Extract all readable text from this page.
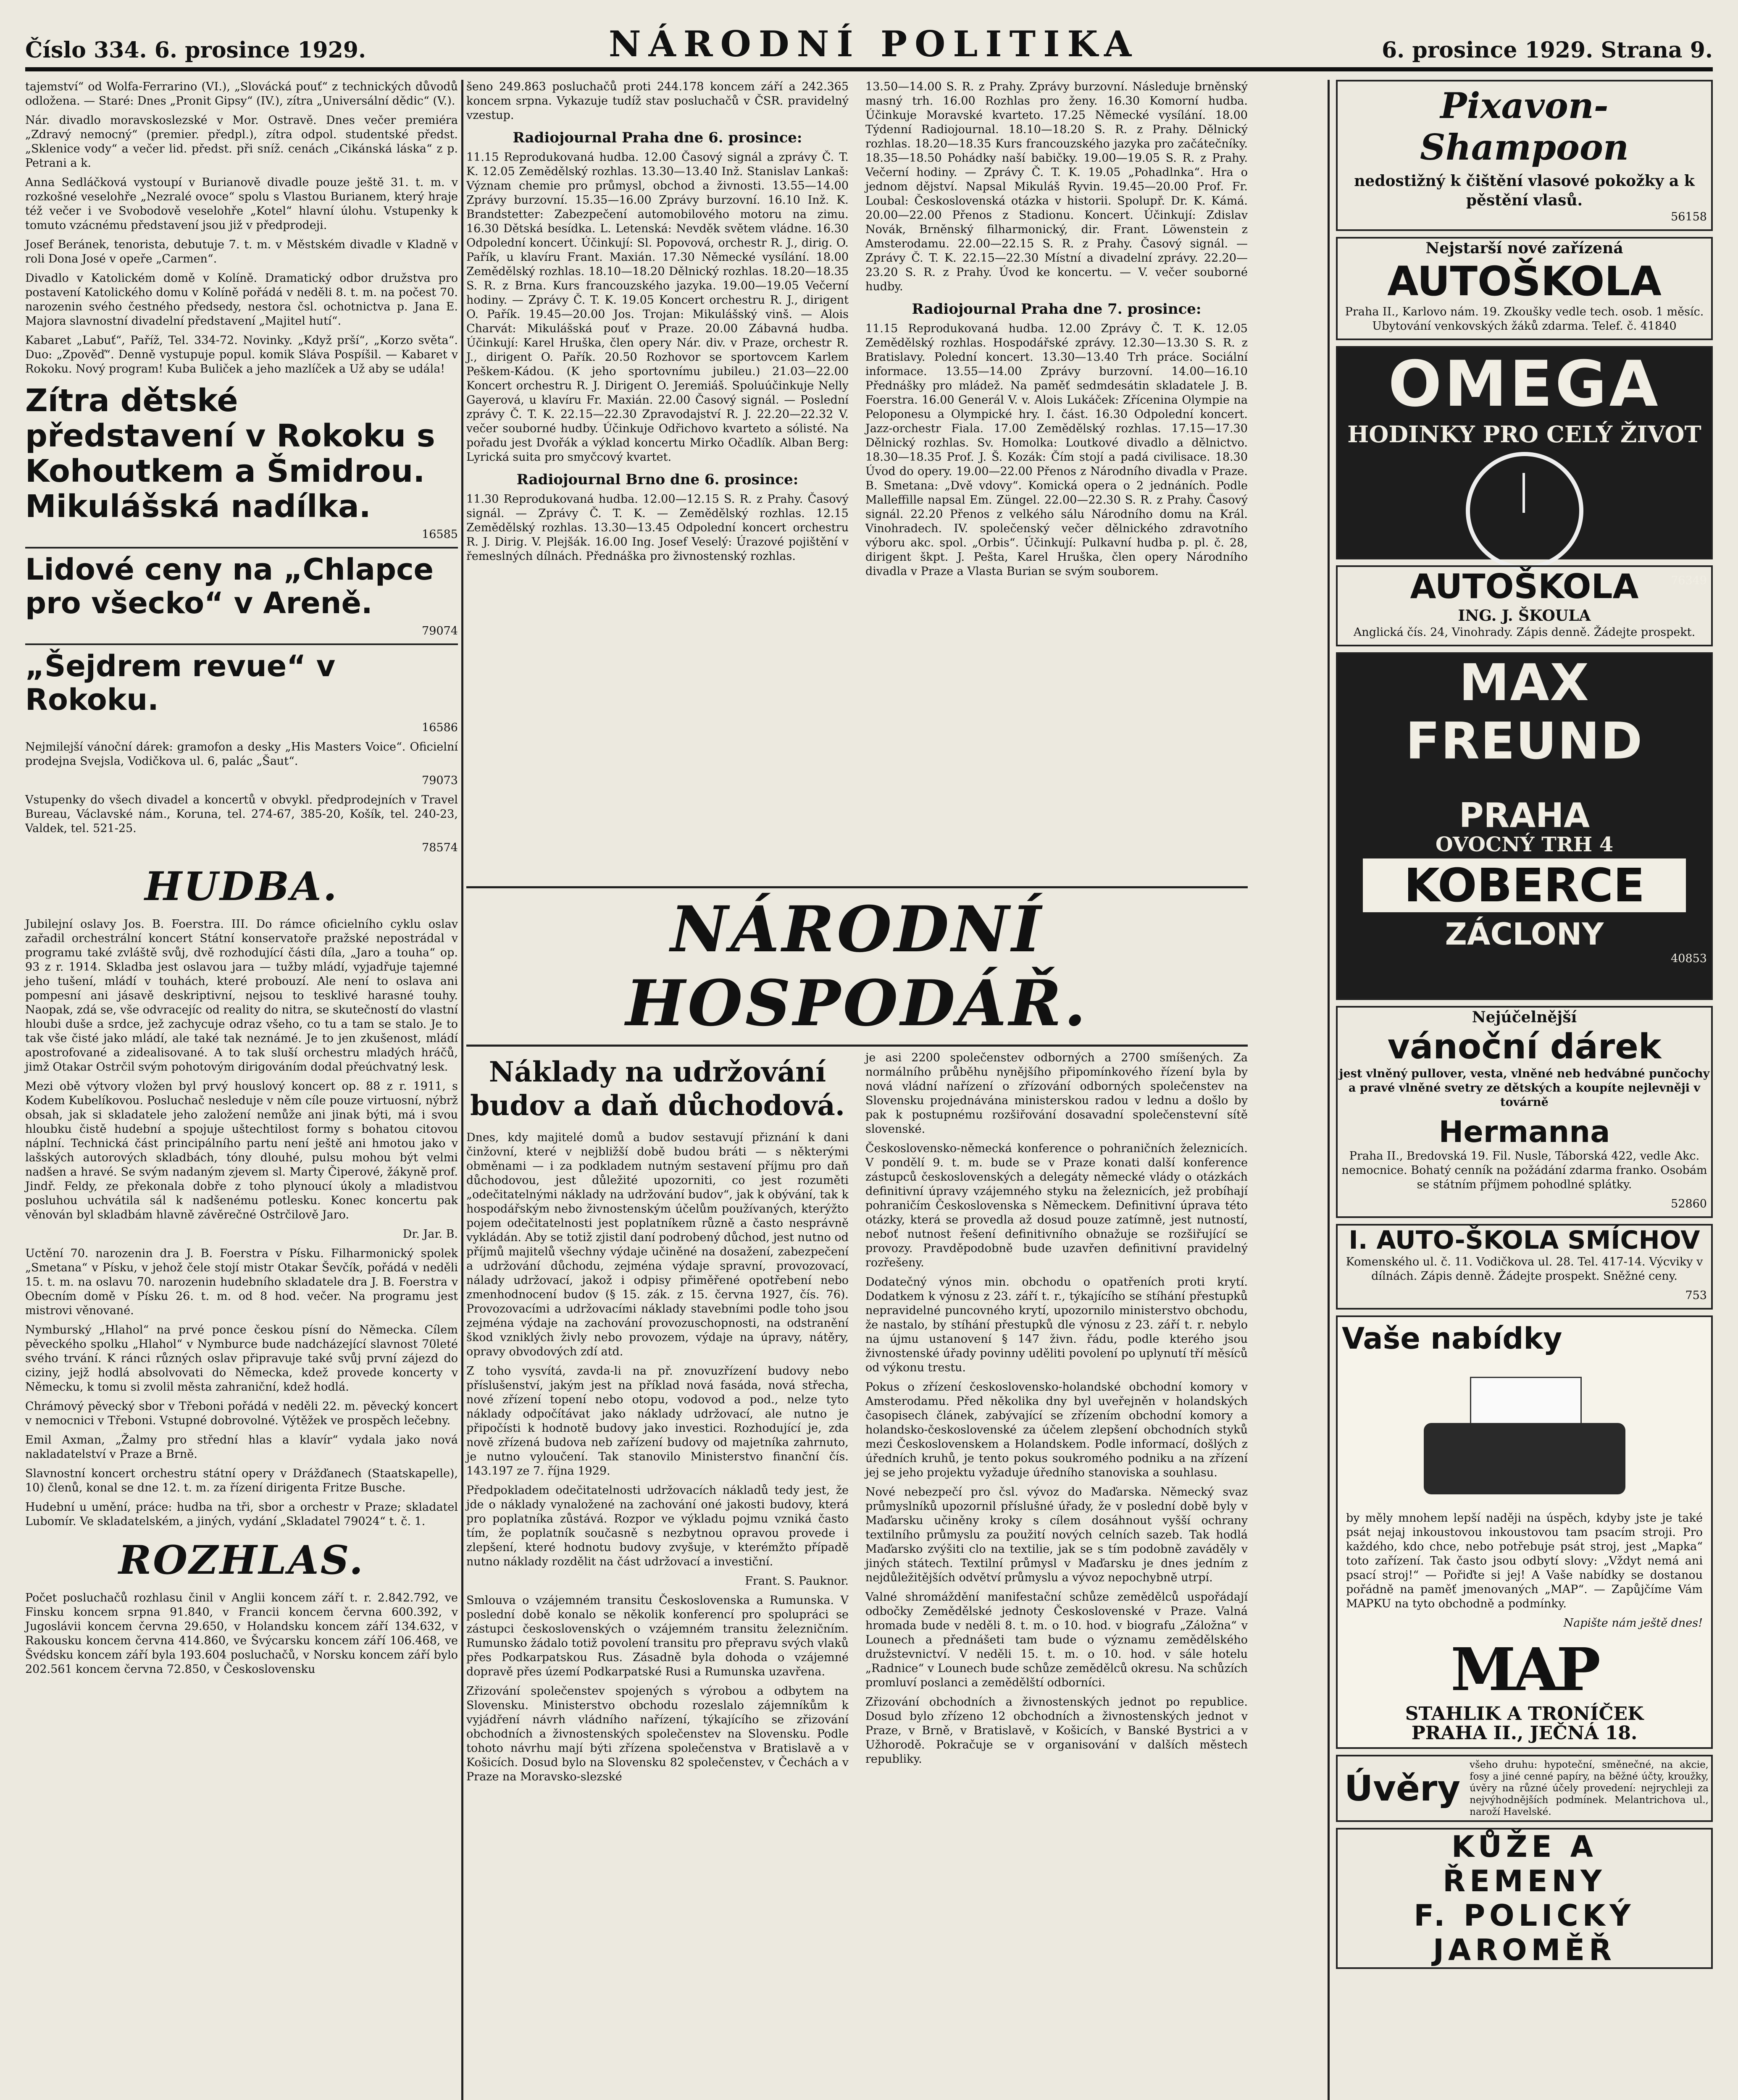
Číslo 334. 6. prosince 1929.	NÁRODNÍ POLITIKA	6. prosince 1929. Strana 9.

tajemství“ od Wolfa-Ferrarino (VI.), „Slovácká pouť“ z technických důvodů odložena. — Staré: Dnes „Pronit Gipsy“ (IV.), zítra „Universální dědic“ (V.).

Nár. divadlo moravskoslezské v Mor. Ostravě. Dnes večer premiéra „Zdravý nemocný“ (premier. předpl.), zítra odpol. studentské předst. „Sklenice vody“ a večer lid. předst. při sníž. cenách „Cikánská láska“ z p. Petrani a k.

Anna Sedláčková vystoupí v Burianově divadle pouze ještě 31. t. m. v rozkošné veselohře „Nezralé ovoce“ spolu s Vlastou Burianem, který hraje též večer i ve Svobodově veselohře „Kotel“ hlavní úlohu. Vstupenky k tomuto vzácnému představení jsou již v předprodeji.

Josef Beránek, tenorista, debutuje 7. t. m. v Městském divadle v Kladně v roli Dona José v opeře „Carmen“.

Divadlo v Katolickém domě v Kolíně. Dramatický odbor družstva pro postavení Katolického domu v Kolíně pořádá v neděli 8. t. m. na počest 70. narozenin svého čestného předsedy, nestora čsl. ochotnictva p. Jana E. Majora slavnostní divadelní představení „Majitel hutí“.

Kabaret „Labuť“, Paříž, Tel. 334-72. Novinky. „Když prší“, „Korzo světa“. Duo: „Zpověď“. Denně vystupuje popul. komik Sláva Pospíšil. — Kabaret v Rokoku. Nový program! Kuba Buliček a jeho mazlíček a Už aby se udála!

Zítra dětské představení v Rokoku s Kohoutkem a Šmidrou. Mikulášská nadílka.
16585
Lidové ceny na „Chlapce pro všecko“ v Areně.
79074
„Šejdrem revue“ v Rokoku.
16586

Nejmilejší vánoční dárek: gramofon a desky „His Masters Voice“. Oficielní prodejna Svejsla, Vodičkova ul. 6, palác „Šaut“.

79073

Vstupenky do všech divadel a koncertů v obvykl. předprodejních v Travel Bureau, Václavské nám., Koruna, tel. 274-67, 385-20, Košík, tel. 240-23, Valdek, tel. 521-25.

78574
HUDBA.

Jubilejní oslavy Jos. B. Foerstra. III. Do rámce oficielního cyklu oslav zařadil orchestrální koncert Státní konservatoře pražské nepostrádal v programu také zvláště svůj, dvě rozhodující části díla, „Jaro a touha“ op. 93 z r. 1914. Skladba jest oslavou jara — tužby mládí, vyjadřuje tajemné jeho tušení, mládí v touhách, které probouzí. Ale není to oslava ani pompesní ani jásavě deskriptivní, nejsou to tesklivé harasné touhy. Naopak, zdá se, vše odvracejíc od reality do nitra, se skutečností do vlastní hloubi duše a srdce, jež zachycuje odraz všeho, co tu a tam se stalo. Je to tak vše čisté jako mládí, ale také tak neznámé. Je to jen zkušenost, mládí apostrofované a zidealisované. A to tak sluší orchestru mladých hráčů, jimž Otakar Ostrčil svým pohotovým dirigováním dodal přeúchvatný lesk.

Mezi obě výtvory vložen byl prvý houslový koncert op. 88 z r. 1911, s Kodem Kubelíkovou. Posluchač nesleduje v něm cíle pouze virtuosní, nýbrž obsah, jak si skladatele jeho založení nemůže ani jinak býti, má i svou hloubku čistě hudební a spojuje uštechtilost formy s bohatou citovou náplní. Technická část principálního partu není ještě ani hmotou jako v lašských autorových skladbách, tóny dlouhé, pulsu mohou být velmi nadšen a hravé. Se svým nadaným zjevem sl. Marty Čiperové, žákyně prof. Jindř. Feldy, ze překonala dobře z toho plynoucí úkoly a mladistvou posluhou uchvátila sál k nadšenému potlesku. Konec koncertu pak věnován byl skladbám hlavně závěrečné Ostrčilově Jaro.

Dr. Jar. B.

Uctění 70. narozenin dra J. B. Foerstra v Písku. Filharmonický spolek „Smetana“ v Písku, v jehož čele stojí mistr Otakar Ševčík, pořádá v neděli 15. t. m. na oslavu 70. narozenin hudebního skladatele dra J. B. Foerstra v Obecním domě v Písku 26. t. m. od 8 hod. večer. Na programu jest mistrovi věnované.

Nymburský „Hlahol“ na prvé ponce českou písní do Německa. Cílem pěveckého spolku „Hlahol“ v Nymburce bude nadcházející slavnost 70leté svého trvání. K ránci různých oslav připravuje také svůj první zájezd do ciziny, jejž hodlá absolvovati do Německa, kdež provede koncerty v Německu, k tomu si zvolil města zahraniční, kdež hodlá.

Chrámový pěvecký sbor v Třeboni pořádá v neděli 22. m. pěvecký koncert v nemocnici v Třeboni. Vstupné dobrovolné. Výtěžek ve prospěch lečebny.

Emil Axman, „Žalmy pro střední hlas a klavír“ vydala jako nová nakladatelství v Praze a Brně.

Slavnostní koncert orchestru státní opery v Drážďanech (Staatskapelle), 10) členů, konal se dne 12. t. m. za řízení dirigenta Fritze Busche.

Hudební u umění, práce: hudba na tři, sbor a orchestr v Praze; skladatel Lubomír. Ve skladatelském, a jiných, vydání „Skladatel 79024“ t. č. 1.

ROZHLAS.

Počet posluchačů rozhlasu činil v Anglii koncem září t. r. 2.842.792, ve Finsku koncem srpna 91.840, v Francii koncem června 600.392, v Jugoslávii koncem června 29.650, v Holandsku koncem září 134.632, v Rakousku koncem června 414.860, ve Švýcarsku koncem září 106.468, ve Švédsku koncem září byla 193.604 posluchačů, v Norsku koncem září bylo 202.561 koncem června 72.850, v Československu

šeno 249.863 posluchačů proti 244.178 koncem září a 242.365 koncem srpna. Vykazuje tudíž stav posluchačů v ČSR. pravidelný vzestup.

Radiojournal Praha dne 6. prosince:

11.15 Reprodukovaná hudba. 12.00 Časový signál a zprávy Č. T. K. 12.05 Zemědělský rozhlas. 13.30—13.40 Inž. Stanislav Lankaš: Význam chemie pro průmysl, obchod a živnosti. 13.55—14.00 Zprávy burzovní. 15.35—16.00 Zprávy burzovní. 16.10 Inž. K. Brandstetter: Zabezpečení automobilového motoru na zimu. 16.30 Dětská besídka. L. Letenská: Nevděk světem vládne. 16.30 Odpolední koncert. Účinkují: Sl. Popovová, orchestr R. J., dirig. O. Pařík, u klavíru Frant. Maxián. 17.30 Německé vysílání. 18.00 Zemědělský rozhlas. 18.10—18.20 Dělnický rozhlas. 18.20—18.35 S. R. z Brna. Kurs francouzského jazyka. 19.00—19.05 Večerní hodiny. — Zprávy Č. T. K. 19.05 Koncert orchestru R. J., dirigent O. Pařík. 19.45—20.00 Jos. Trojan: Mikulášský vinš. — Alois Charvát: Mikulášská pouť v Praze. 20.00 Zábavná hudba. Účinkují: Karel Hruška, člen opery Nár. div. v Praze, orchestr R. J., dirigent O. Pařík. 20.50 Rozhovor se sportovcem Karlem Peškem-Kádou. (K jeho sportovnímu jubileu.) 21.03—22.00 Koncert orchestru R. J. Dirigent O. Jeremiáš. Spoluúčinkuje Nelly Gayerová, u klavíru Fr. Maxián. 22.00 Časový signál. — Poslední zprávy Č. T. K. 22.15—22.30 Zpravodajství R. J. 22.20—22.32 V. večer souborné hudby. Účinkuje Odřichovo kvarteto a sólisté. Na pořadu jest Dvořák a výklad koncertu Mirko Očadlík. Alban Berg: Lyrická suita pro smyčcový kvartet.

Radiojournal Brno dne 6. prosince:

11.30 Reprodukovaná hudba. 12.00—12.15 S. R. z Prahy. Časový signál. — Zprávy Č. T. K. — Zemědělský rozhlas. 12.15 Zemědělský rozhlas. 13.30—13.45 Odpolední koncert orchestru R. J. Dirig. V. Plejšák. 16.00 Ing. Josef Veselý: Úrazové pojištění v řemeslných dílnách. Přednáška pro živnostenský rozhlas.

13.50—14.00 S. R. z Prahy. Zprávy burzovní. Následuje brněnský masný trh. 16.00 Rozhlas pro ženy. 16.30 Komorní hudba. Účinkuje Moravské kvarteto. 17.25 Německé vysílání. 18.00 Týdenní Radiojournal. 18.10—18.20 S. R. z Prahy. Dělnický rozhlas. 18.20—18.35 Kurs francouzského jazyka pro začátečníky. 18.35—18.50 Pohádky naší babičky. 19.00—19.05 S. R. z Prahy. Večerní hodiny. — Zprávy Č. T. K. 19.05 „Pohadlnka“. Hra o jednom dějství. Napsal Mikuláš Ryvin. 19.45—20.00 Prof. Fr. Loubal: Československá otázka v historii. Spolupř. Dr. K. Kámá. 20.00—22.00 Přenos z Stadionu. Koncert. Účinkují: Zdislav Novák, Brněnský filharmonický, dir. Frant. Löwenstein z Amsterodamu. 22.00—22.15 S. R. z Prahy. Časový signál. — Zprávy Č. T. K. 22.15—22.30 Místní a divadelní zprávy. 22.20—23.20 S. R. z Prahy. Úvod ke koncertu. — V. večer souborné hudby.

Radiojournal Praha dne 7. prosince:

11.15 Reprodukovaná hudba. 12.00 Zprávy Č. T. K. 12.05 Zemědělský rozhlas. Hospodářské zprávy. 12.30—13.30 S. R. z Bratislavy. Polední koncert. 13.30—13.40 Trh práce. Sociální informace. 13.55—14.00 Zprávy burzovní. 14.00—16.10 Přednášky pro mládež. Na paměť sedmdesátin skladatele J. B. Foerstra. 16.00 Generál V. v. Alois Lukáček: Zřícenina Olympie na Peloponesu a Olympické hry. I. část. 16.30 Odpolední koncert. Jazz-orchestr Fiala. 17.00 Zemědělský rozhlas. 17.15—17.30 Dělnický rozhlas. Sv. Homolka: Loutkové divadlo a dělnictvo. 18.30—18.35 Prof. J. Š. Kozák: Čím stojí a padá civilisace. 18.30 Úvod do opery. 19.00—22.00 Přenos z Národního divadla v Praze. B. Smetana: „Dvě vdovy“. Komická opera o 2 jednáních. Podle Malleffille napsal Em. Züngel. 22.00—22.30 S. R. z Prahy. Časový signál. 22.20 Přenos z velkého sálu Národního domu na Král. Vinohradech. IV. společenský večer dělnického zdravotního výboru akc. spol. „Orbis“. Účinkují: Pulkavní hudba p. pl. č. 28, dirigent škpt. J. Pešta, Karel Hruška, člen opery Národního divadla v Praze a Vlasta Burian se svým souborem.

NÁRODNÍ HOSPODÁŘ.
Náklady na udržování budov a daň důchodová.

Dnes, kdy majitelé domů a budov sestavují přiznání k dani činžovní, které v nejbližší době budou bráti — s některými obměnami — i za podkladem nutným sestavení příjmu pro daň důchodovou, jest důležité upozorniti, co jest rozuměti „odečitatelnými náklady na udržování budov“, jak k obývání, tak k hospodářským nebo živnostenským účelům používaných, kterýžto pojem odečitatelnosti jest poplatníkem různě a často nesprávně vykládán. Aby se totiž zjistil daní podrobený důchod, jest nutno od příjmů majitelů všechny výdaje učiněné na dosažení, zabezpečení a udržování důchodu, zejména výdaje spravní, provozovací, nálady udržovací, jakož i odpisy přiměřené opotřebení nebo zmenhodnocení budov (§ 15. zák. z 15. června 1927, čís. 76). Provozovacími a udržovacími náklady stavebními podle toho jsou zejména výdaje na zachování provozuschopnosti, na odstranění škod vzniklých živly nebo provozem, výdaje na úpravy, nátěry, opravy obvodových zdí atd.

Z toho vysvítá, zavda-li na př. znovuzřízení budovy nebo příslušenství, jakým jest na příklad nová fasáda, nová střecha, nové zřízení topení nebo otopu, vodovod a pod., nelze tyto náklady odpočítávat jako náklady udržovací, ale nutno je připočísti k hodnotě budovy jako investici. Rozhodující je, zda nově zřízená budova neb zařízení budovy od majetníka zahrnuto, je nutno vyloučení. Tak stanovilo Ministerstvo finanční čís. 143.197 ze 7. října 1929.

Předpokladem odečitatelnosti udržovacích nákladů tedy jest, že jde o náklady vynaložené na zachování oné jakosti budovy, která pro poplatníka zůstává. Rozpor ve výkladu pojmu vzniká často tím, že poplatník současně s nezbytnou opravou provede i zlepšení, které hodnotu budovy zvyšuje, v kterémžto případě nutno náklady rozdělit na část udržovací a investiční.

Frant. S. Pauknor.

Smlouva o vzájemném transitu Československa a Rumunska. V poslední době konalo se několik konferencí pro spolupráci se zástupci československých o vzájemném transitu železničním. Rumunsko žádalo totiž povolení transitu pro přepravu svých vlaků přes Podkarpatskou Rus. Zásadně byla dohoda o vzájemné dopravě přes území Podkarpatské Rusi a Rumunska uzavřena.

Zřizování společenstev spojených s výrobou a odbytem na Slovensku. Ministerstvo obchodu rozeslalo zájemníkům k vyjádření návrh vládního nařízení, týkajícího se zřizování obchodních a živnostenských společenstev na Slovensku. Podle tohoto návrhu mají býti zřízena společenstva v Bratislavě a v Košicích. Dosud bylo na Slovensku 82 společenstev, v Čechách a v Praze na Moravsko-slezské

je asi 2200 společenstev odborných a 2700 smíšených. Za normálního průběhu nynějšího připomínkového řízení byla by nová vládní nařízení o zřízování odborných společenstev na Slovensku projednávána ministerskou radou v lednu a došlo by pak k postupnému rozšiřování dosavadní společenstevní sítě slovenské.

Československo-německá konference o pohraničních železnicích. V pondělí 9. t. m. bude se v Praze konati další konference zástupců československých a delegáty německé vlády o otázkách definitivní úpravy vzájemného styku na železnicích, jež probíhají pohraničím Československa s Německem. Definitivní úprava této otázky, která se provedla až dosud pouze zatímně, jest nutností, neboť nutnost řešení definitivního obnažuje se rozšiřující se provozy. Pravděpodobně bude uzavřen definitivní pravidelný rozřešeny.

Dodatečný výnos min. obchodu o opatřeních proti krytí. Dodatkem k výnosu z 23. září t. r., týkajícího se stíhání přestupků nepravidelné puncovného krytí, upozornilo ministerstvo obchodu, že nastalo, by stíhání přestupků dle výnosu z 23. září t. r. nebylo na újmu ustanovení § 147 živn. řádu, podle kterého jsou živnostenské úřady povinny uděliti povolení po uplynutí tří měsíců od výkonu trestu.

Pokus o zřízení československo-holandské obchodní komory v Amsterodamu. Před několika dny byl uveřejněn v holandských časopisech článek, zabývající se zřízením obchodní komory a holandsko-československé za účelem zlepšení obchodních styků mezi Československem a Holandskem. Podle informací, došlých z úředních kruhů, je tento pokus soukromého podniku a na zřízení jej se jeho projektu vyžaduje úředního stanoviska a souhlasu.

Nové nebezpečí pro čsl. vývoz do Maďarska. Německý svaz průmyslníků upozornil příslušné úřady, že v poslední době byly v Maďarsku učiněny kroky s cílem dosáhnout vyšší ochrany textilního průmyslu za použití nových celních sazeb. Tak hodlá Maďarsko zvýšiti clo na textilie, jak se s tím podobně zaváděly v jiných státech. Textilní průmysl v Maďarsku je dnes jedním z nejdůležitějších odvětví průmyslu a vývoz nepochybně utrpí.

Valné shromáždění manifestační schůze zemědělců uspořádají odbočky Zemědělské jednoty Československé v Praze. Valná hromada bude v neděli 8. t. m. o 10. hod. v biografu „Záložna“ v Lounech a přednášeti tam bude o významu zemědělského družstevnictví. V neděli 15. t. m. o 10. hod. v sále hotelu „Radnice“ v Lounech bude schůze zemědělců okresu. Na schůzích promluví poslanci a zemědělští odborníci.

Zřizování obchodních a živnostenských jednot po republice. Dosud bylo zřízeno 12 obchodních a živnostenských jednot v Praze, v Brně, v Bratislavě, v Košicích, v Banské Bystrici a v Užhorodě. Pokračuje se v organisování v dalších městech republiky.

Pixavon-Shampoon
nedostižný k čištění vlasové pokožky a k pěstění vlasů.
56158
Nejstarší nové zařízená
AUTOŠKOLA
Praha II., Karlovo nám. 19. Zkoušky vedle tech. osob. 1 měsíc. Ubytování venkovských žáků zdarma. Telef. č. 41840
OMEGA
HODINKY PRO CELÝ ŽIVOT
76349
AUTOŠKOLA
ING. J. ŠKOULA
Anglická čís. 24, Vinohrady. Zápis denně. Žádejte prospekt.
MAX FREUND
PRAHA
OVOCNÝ TRH 4
KOBERCE
ZÁCLONY
40853
Nejúčelnější
vánoční dárek
jest vlněný pullover, vesta, vlněné neb hedvábné punčochy a pravé vlněné svetry ze dětských a koupíte nejlevněji v továrně
Hermanna
Praha II., Bredovská 19. Fil. Nusle, Táborská 422, vedle Akc. nemocnice. Bohatý cenník na požádání zdarma franko. Osobám se státním příjmem pohodlné splátky.
52860
I. AUTO-ŠKOLA SMÍCHOV
Komenského ul. č. 11. Vodičkova ul. 28. Tel. 417-14. Výcviky v dílnách. Zápis denně. Žádejte prospekt. Sněžné ceny.
753
Vaše nabídky

by měly mnohem lepší naději na úspěch, kdyby jste je také psát nejaj inkoustovou inkoustovou tam psacím stroji. Pro každého, kdo chce, nebo potřebuje psát stroj, jest „Mapka“ toto zařízení. Tak často jsou odbytí slovy: „Vždyt nemá ani psací stroj!“ — Pořiďte si jej! A Vaše nabídky se dostanou pořádně na paměť jmenovaných „MAP“. — Zapůjčíme Vám MAPKU na tyto obchodně a podmínky.

Napište nám ještě dnes!
MAP
STAHLIK A TRONÍČEK
PRAHA II., JEČNÁ 18.
Úvěry
všeho druhu: hypoteční, směnečné, na akcie, fosy a jiné cenné papíry, na běžné účty, kroužky, úvěry na různé účely provedení: nejrychleji za nejvýhodnějších podmínek. Melantrichova ul., naroží Havelské.
KŮŽE A
ŘEMENY
F. POLICKÝ
JAROMĚŘ
